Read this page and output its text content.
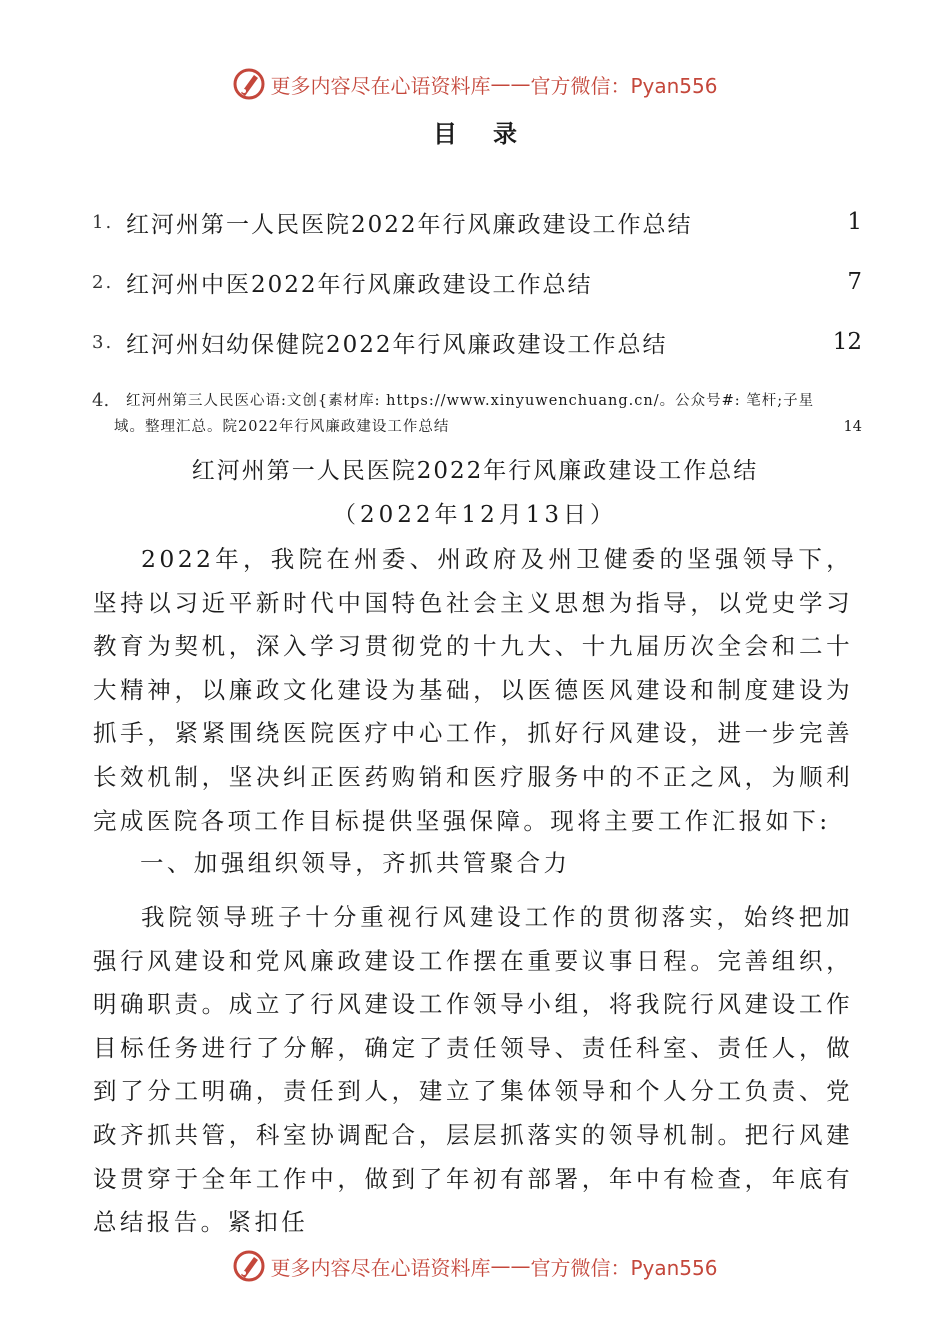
更多内容尽在心语资料库 —— 官方微信：Pyan556
目录
1. 红河州第一人民医院2022年行风廉政建设工作总结	1
2. 红河州中医2022年行风廉政建设工作总结	7
3. 红河州妇幼保健院2022年行风廉政建设工作总结	12
4. 红河州第三人民医心语:文创{素材库: https://www.xinyuwenchuang.cn/。公众号#: 笔杆;子星
域。整理汇总。院2022年行风廉政建设工作总结	14
红河州第一人民医院2022年行风廉政建设工作总结
（2022年12月13日）
2022年，我院在州委、州政府及州卫健委的坚强领导下，坚持以习近平新时代中国特色社会主义思想为指导，以党史学习教育为契机，深入学习贯彻党的十九大、十九届历次全会和二十大精神，以廉政文化建设为基础，以医德医风建设和制度建设为抓手，紧紧围绕医院医疗中心工作，抓好行风建设，进一步完善长效机制，坚决纠正医药购销和医疗服务中的不正之风，为顺利完成医院各项工作目标提供坚强保障。现将主要工作汇报如下:
一、加强组织领导，齐抓共管聚合力
我院领导班子十分重视行风建设工作的贯彻落实，始终把加强行风建设和党风廉政建设工作摆在重要议事日程。完善组织，明确职责。成立了行风建设工作领导小组，将我院行风建设工作目标任务进行了分解，确定了责任领导、责任科室、责任人，做到了分工明确，责任到人，建立了集体领导和个人分工负责、党政齐抓共管，科室协调配合，层层抓落实的领导机制。把行风建设贯穿于全年工作中，做到了年初有部署，年中有检查，年底有总结报告。紧扣任
更多内容尽在心语资料库 —— 官方微信：Pyan556
